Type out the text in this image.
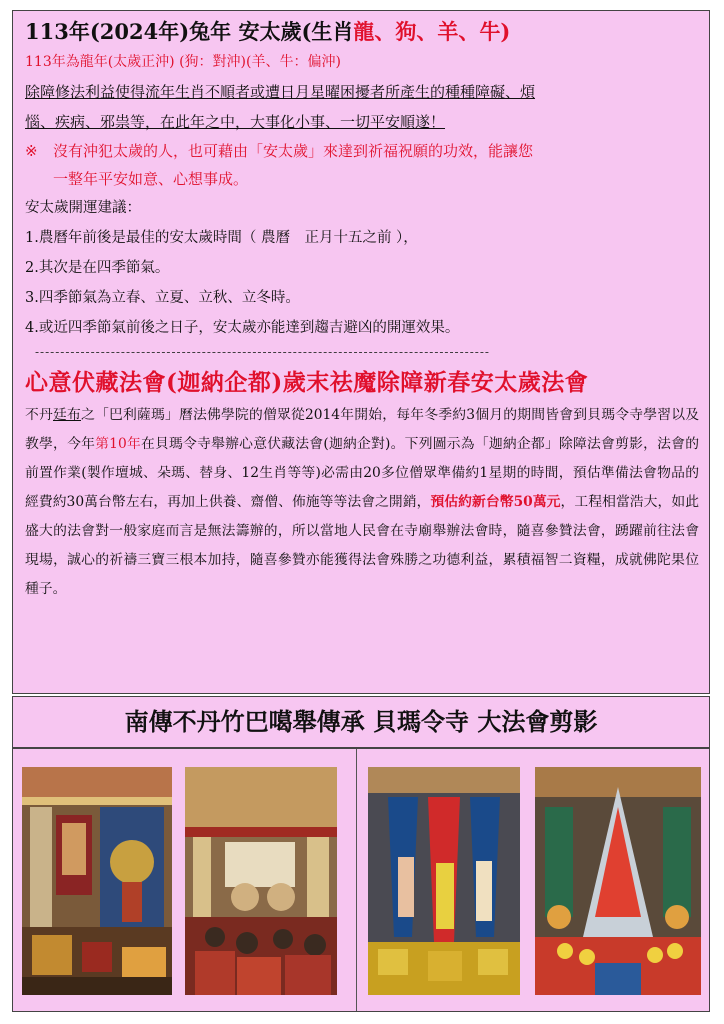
113年(2024年)兔年 安太歲(生肖龍、狗、羊、牛)
113年為龍年(太歲正沖) (狗：對沖)(羊、牛：偏沖)
除障修法利益使得流年生肖不順者或遭日月星曜困擾者所產生的種種障礙、煩
惱、疾病、邪祟等，在此年之中，大事化小事、一切平安順遂！
※ 沒有沖犯太歲的人，也可藉由「安太歲」來達到祈福祝願的功效，能讓您
一整年平安如意、心想事成。
安太歲開運建議：
1.農曆年前後是最佳的安太歲時間（ 農曆　正月十五之前 ），
2.其次是在四季節氣。
3.四季節氣為立春、立夏、立秋、立冬時。
4.或近四季節氣前後之日子，安太歲亦能達到趨吉避凶的開運效果。
------------------------------------------------------------------------------------------
心意伏藏法會(迦納企都)歲末祛魔除障新春安太歲法會
不丹廷布之「巴利薩瑪」曆法佛學院的僧眾從2014年開始，每年冬季約3個月的期間皆會到貝瑪令寺學習以及教學，今年第10年在貝瑪令寺舉辦心意伏藏法會(迦納企對)。下列圖示為「迦納企都」除障法會剪影，法會的前置作業(製作壇城、朵瑪、替身、12生肖等等)必需由20多位僧眾準備約1星期的時間，預估準備法會物品的經費約30萬台幣左右，再加上供養、齋僧、佈施等等法會之開銷，預估約新台幣50萬元，工程相當浩大，如此盛大的法會對一般家庭而言是無法籌辦的，所以當地人民會在寺廟舉辦法會時，隨喜參贊法會，踴躍前往法會現場，誠心的祈禱三寶三根本加持，隨喜參贊亦能獲得法會殊勝之功德利益，累積福智二資糧，成就佛陀果位種子。
南傳不丹竹巴噶舉傳承 貝瑪令寺 大法會剪影
